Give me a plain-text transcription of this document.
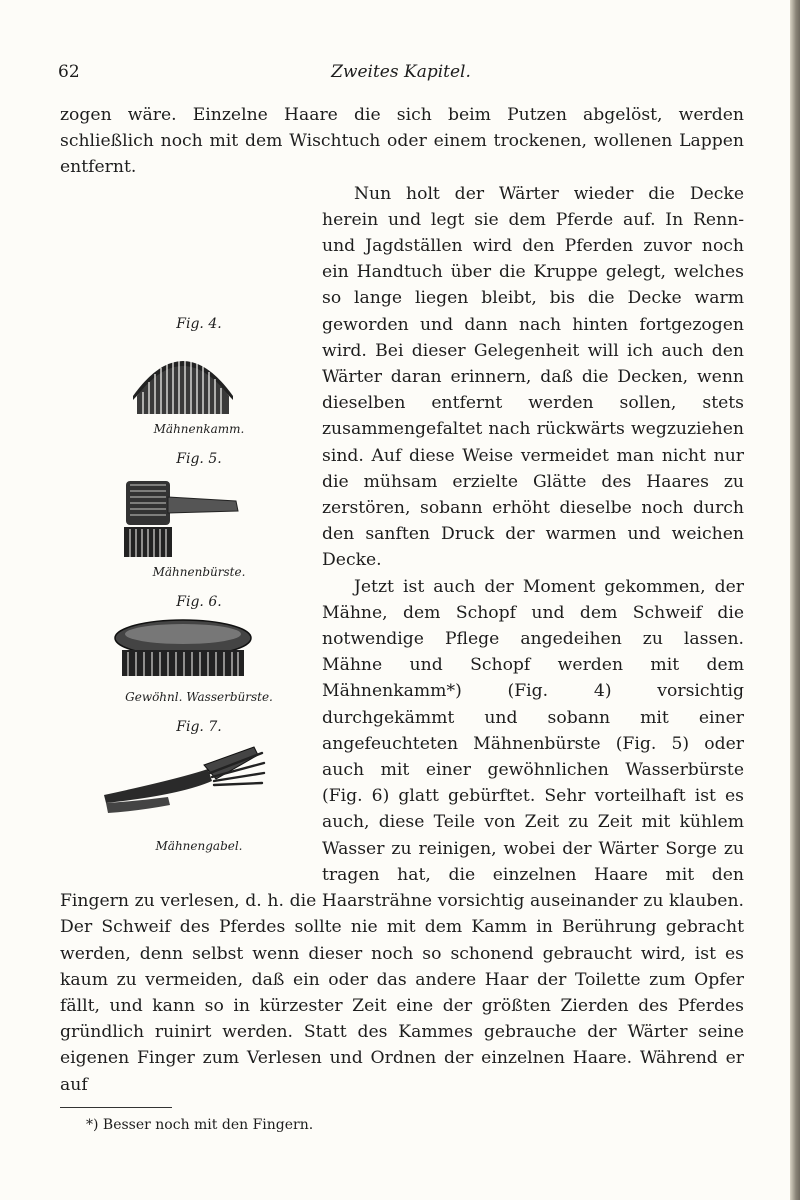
62	Zweites Kapitel.

zogen wäre. Einzelne Haare die sich beim Putzen abgelöst, werden schließlich noch mit dem Wischtuch oder einem trockenen, wollenen Lappen entfernt.

Fig. 4.
Mähnenkamm.
Fig. 5.
Mähnenbürste.
Fig. 6.
Gewöhnl. Wasserbürste.
Fig. 7.
Mähnengabel.
Nun holt der Wärter wieder die Decke herein und legt sie dem Pferde auf. In Renn- und Jagdställen wird den Pferden zuvor noch ein Handtuch über die Kruppe gelegt, welches so lange liegen bleibt, bis die Decke warm geworden und dann nach hinten fortgezogen wird. Bei dieser Gelegenheit will ich auch den Wärter daran erinnern, daß die Decken, wenn dieselben entfernt werden sollen, stets zusammengefaltet nach rückwärts wegzuziehen sind. Auf diese Weise vermeidet man nicht nur die mühsam erzielte Glätte des Haares zu zerstören, sobann erhöht dieselbe noch durch den sanften Druck der warmen und weichen Decke.

Jetzt ist auch der Moment gekommen, der Mähne, dem Schopf und dem Schweif die notwendige Pflege angedeihen zu lassen. Mähne und Schopf werden mit dem Mähnenkamm*) (Fig. 4) vorsichtig durchgekämmt und sobann mit einer angefeuchteten Mähnenbürste (Fig. 5) oder auch mit einer gewöhnlichen Wasserbürste (Fig. 6) glatt gebürftet. Sehr vorteilhaft ist es auch, diese Teile von Zeit zu Zeit mit kühlem Wasser zu reinigen, wobei der Wärter Sorge zu tragen hat, die einzelnen Haare mit den Fingern zu verlesen, d. h. die Haarsträhne vorsichtig auseinander zu klauben. Der Schweif des Pferdes sollte nie mit dem Kamm in Berührung gebracht werden, denn selbst wenn dieser noch so schonend gebraucht wird, ist es kaum zu vermeiden, daß ein oder das andere Haar der Toilette zum Opfer fällt, und kann so in kürzester Zeit eine der größten Zierden des Pferdes gründlich ruinirt werden. Statt des Kammes gebrauche der Wärter seine eigenen Finger zum Verlesen und Ordnen der einzelnen Haare. Während er auf

*) Besser noch mit den Fingern.
